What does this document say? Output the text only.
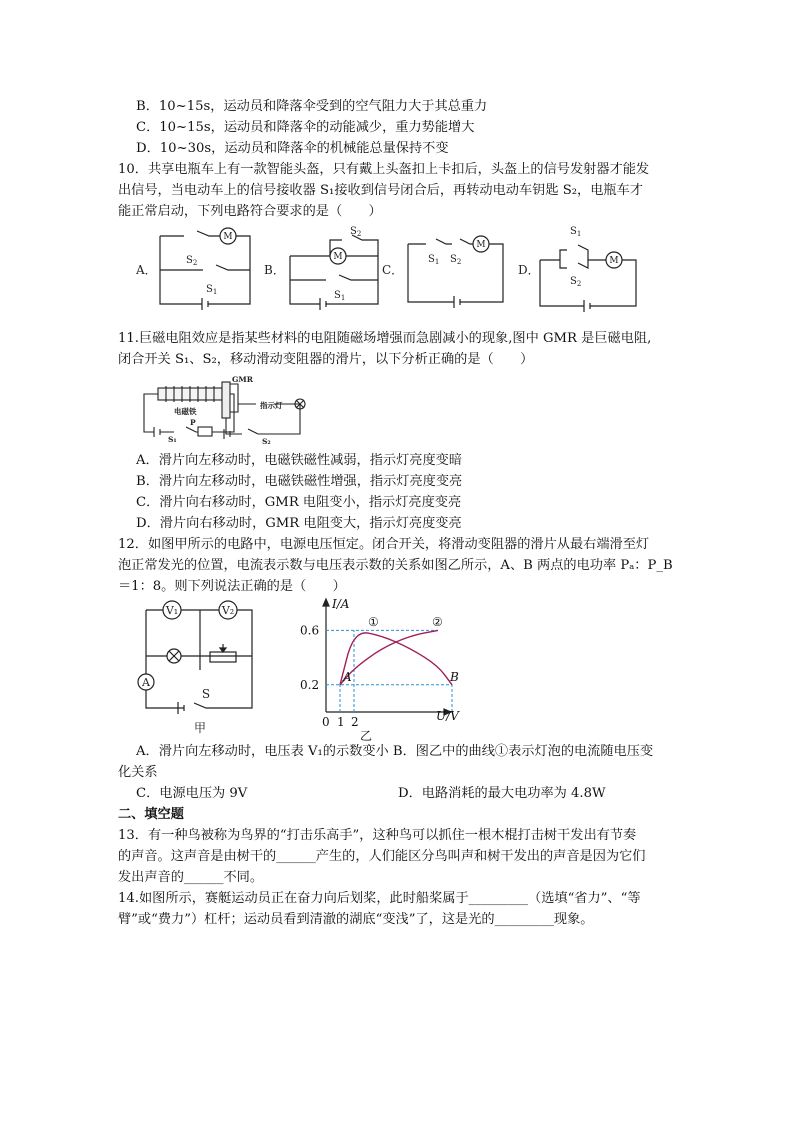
B．10~15s，运动员和降落伞受到的空气阻力大于其总重力
C．10~15s，运动员和降落伞的动能减少，重力势能增大
D．10~30s，运动员和降落伞的机械能总量保持不变
10．共享电瓶车上有一款智能头盔，只有戴上头盔扣上卡扣后，头盔上的信号发射器才能发
出信号，当电动车上的信号接收器 S₁接收到信号闭合后，再转动电动车钥匙 S₂，电瓶车才
能正常启动，下列电路符合要求的是（　　）
M
M
M
M
A．	B．	C．	D．
$S_2$
$S_1$
$S_2$
$S_1$
$S_1$ $S_2$
$S_1$
$S_2$
11.巨磁电阻效应是指某些材料的电阻随磁场增强而急剧减小的现象,图中 GMR 是巨磁电阻,
闭合开关 S₁、S₂，移动滑动变阻器的滑片，以下分析正确的是（　　）
电磁铁
GMR
指示灯
P
S₁	S₂
A．滑片向左移动时，电磁铁磁性减弱，指示灯亮度变暗
B．滑片向左移动时，电磁铁磁性增强，指示灯亮度变亮
C．滑片向右移动时，GMR 电阻变小，指示灯亮度变亮
D．滑片向右移动时，GMR 电阻变大，指示灯亮度变亮
12．如图甲所示的电路中，电源电压恒定。闭合开关，将滑动变阻器的滑片从最右端滑至灯
泡正常发光的位置，电流表示数与电压表示数的关系如图乙所示，A、B 两点的电功率 Pₐ：P_B
＝1：8。则下列说法正确的是（　　）
V₁	V₂
A
S
甲
I/A
U/V
0.6
0.2
0 1 2
A	B
①	②
乙
A．滑片向左移动时，电压表 V₁的示数变小 B．图乙中的曲线①表示灯泡的电流随电压变
化关系
C．电源电压为 9V	D．电路消耗的最大电功率为 4.8W
二、填空题
13．有一种鸟被称为鸟界的“打击乐高手”，这种鸟可以抓住一根木棍打击树干发出有节奏
的声音。这声音是由树干的______产生的，人们能区分鸟叫声和树干发出的声音是因为它们
发出声音的______不同。
14.如图所示，赛艇运动员正在奋力向后划桨，此时船桨属于_________（选填“省力”、“等
臂”或“费力”）杠杆；运动员看到清澈的湖底“变浅”了，这是光的_________现象。
